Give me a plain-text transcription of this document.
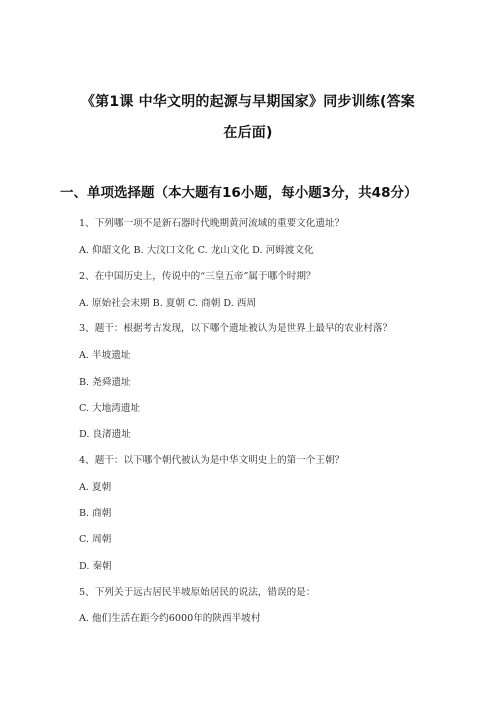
《第1课 中华文明的起源与早期国家》同步训练(答案
在后面)
一、单项选择题（本大题有16小题，每小题3分，共48分）
1、下列哪一项不是新石器时代晚期黄河流域的重要文化遗址？
A. 仰韶文化 B. 大汶口文化 C. 龙山文化 D. 河姆渡文化
2、在中国历史上，传说中的“三皇五帝”属于哪个时期？
A. 原始社会末期 B. 夏朝 C. 商朝 D. 西周
3、题干：根据考古发现，以下哪个遗址被认为是世界上最早的农业村落？
A. 半坡遗址
B. 尧舜遗址
C. 大地湾遗址
D. 良渚遗址
4、题干：以下哪个朝代被认为是中华文明史上的第一个王朝？
A. 夏朝
B. 商朝
C. 周朝
D. 秦朝
5、下列关于远古居民半坡原始居民的说法，错误的是：
A. 他们生活在距今约6000年的陕西半坡村
